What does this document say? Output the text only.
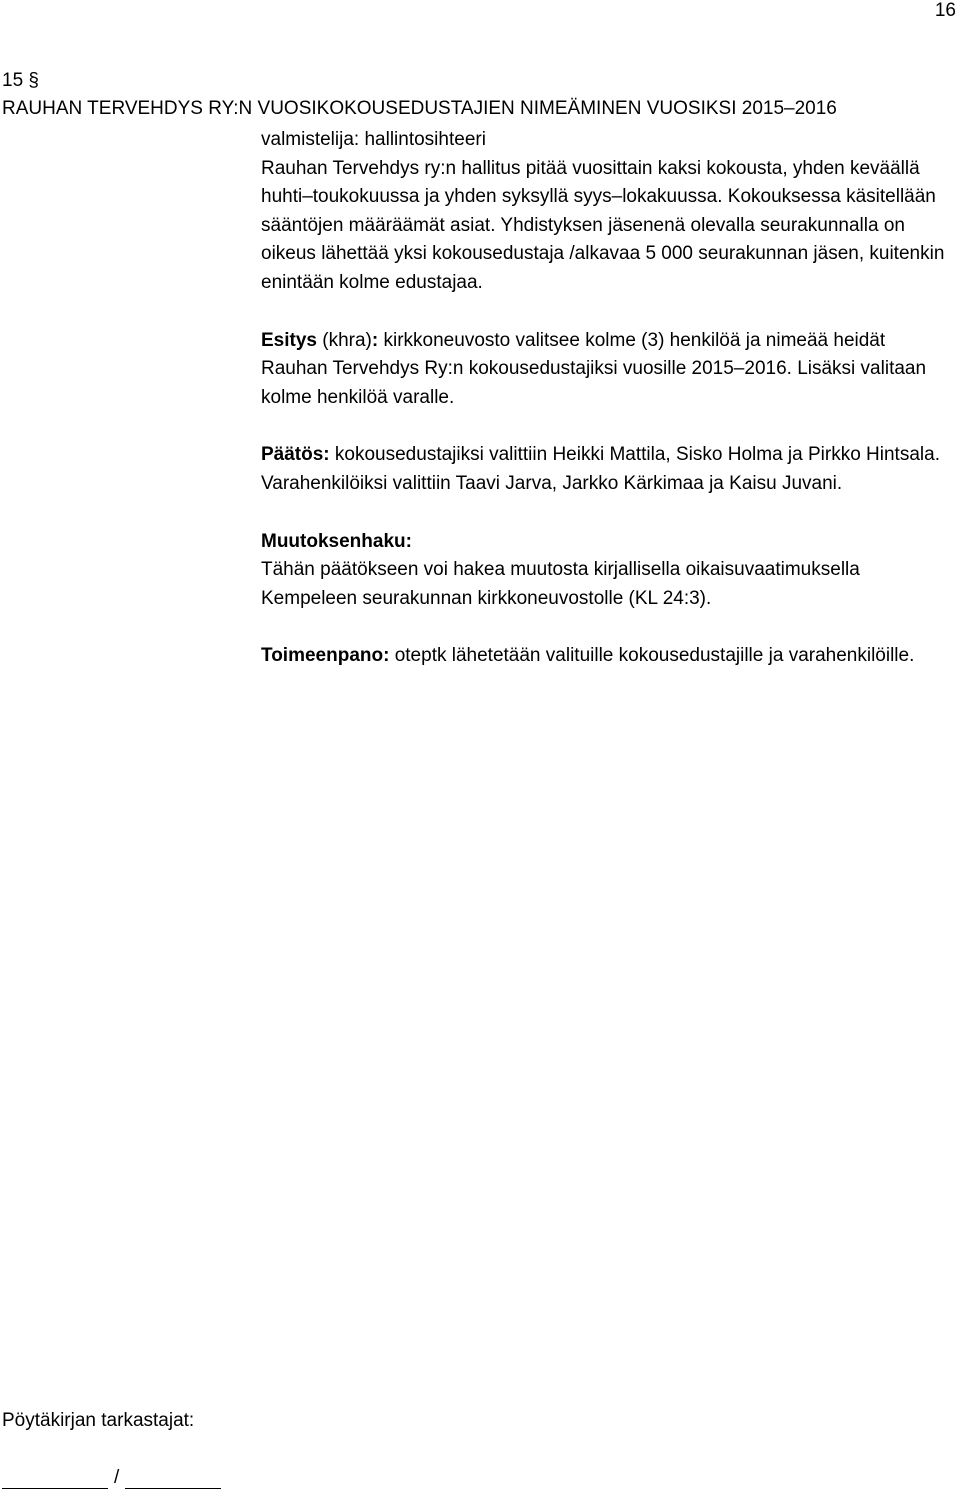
16
15 §
RAUHAN TERVEHDYS RY:N VUOSIKOKOUSEDUSTAJIEN NIMEÄMINEN VUOSIKSI 2015–2016

valmistelija: hallintosihteeri

Rauhan Tervehdys ry:n hallitus pitää vuosittain kaksi kokousta, yhden keväällä huhti–toukokuussa ja yhden syksyllä syys–lokakuussa. Kokouksessa käsitellään sääntöjen määräämät asiat. Yhdistyksen jäsenenä olevalla seurakunnalla on oikeus lähettää yksi kokousedustaja /alkavaa 5 000 seurakunnan jäsen, kuitenkin enintään kolme edustajaa.

Esitys (khra): kirkkoneuvosto valitsee kolme (3) henkilöä ja nimeää heidät Rauhan Tervehdys Ry:n kokousedustajiksi vuosille 2015–2016. Lisäksi valitaan kolme henkilöä varalle.

Päätös: kokousedustajiksi valittiin Heikki Mattila, Sisko Holma ja Pirkko Hintsala. Varahenkilöiksi valittiin Taavi Jarva, Jarkko Kärkimaa ja Kaisu Juvani.

Muutoksenhaku:

Tähän päätökseen voi hakea muutosta kirjallisella oikaisuvaatimuksella Kempeleen seurakunnan kirkkoneuvostolle (KL 24:3).

Toimeenpano: oteptk lähetetään valituille kokousedustajille ja varahenkilöille.

Pöytäkirjan tarkastajat:
/
